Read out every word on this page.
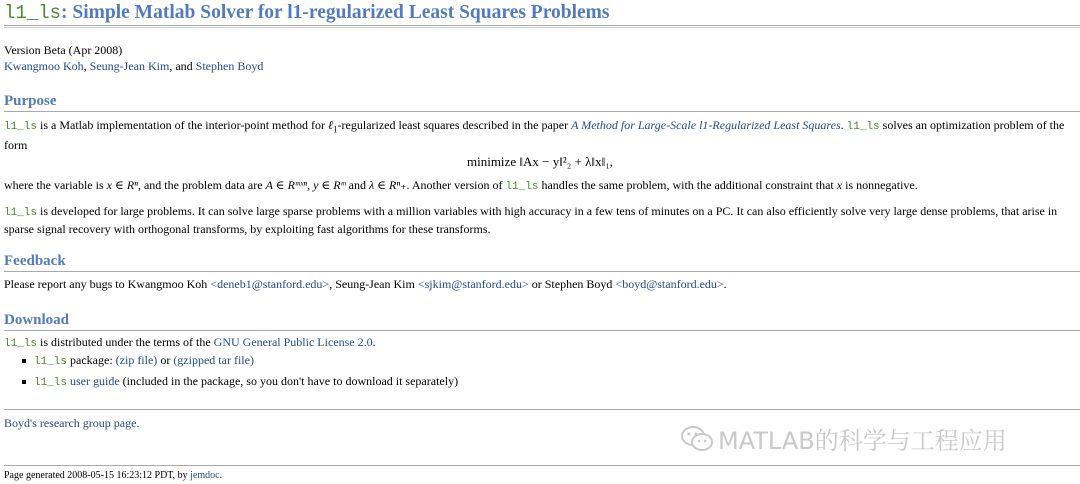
l1_ls: Simple Matlab Solver for l1-regularized Least Squares Problems
Version Beta (Apr 2008)
Kwangmoo Koh, Seung-Jean Kim, and Stephen Boyd
Purpose
l1_ls is a Matlab implementation of the interior-point method for ℓ$_1$-regularized least squares described in the paper A Method for Large-Scale l1-Regularized Least Squares. l1_ls solves an optimization problem of the form
minimize ‖Ax − y‖²₂ + λ‖x‖₁,
where the variable is x ∈ Rⁿ, and the problem data are A ∈ Rᵐˣⁿ, y ∈ Rᵐ and λ ∈ Rⁿ₊. Another version of l1_ls handles the same problem, with the additional constraint that x is nonnegative.
l1_ls is developed for large problems. It can solve large sparse problems with a million variables with high accuracy in a few tens of minutes on a PC. It can also efficiently solve very large dense problems, that arise in sparse signal recovery with orthogonal transforms, by exploiting fast algorithms for these transforms.
Feedback
Please report any bugs to Kwangmoo Koh <deneb1@stanford.edu>, Seung-Jean Kim <sjkim@stanford.edu> or Stephen Boyd <boyd@stanford.edu>.
Download
l1_ls is distributed under the terms of the GNU General Public License 2.0.
l1_ls package: (zip file) or (gzipped tar file)
l1_ls user guide (included in the package, so you don't have to download it separately)
Boyd's research group page.
Page generated 2008-05-15 16:23:12 PDT, by jemdoc.
MATLAB的科学与工程应用
